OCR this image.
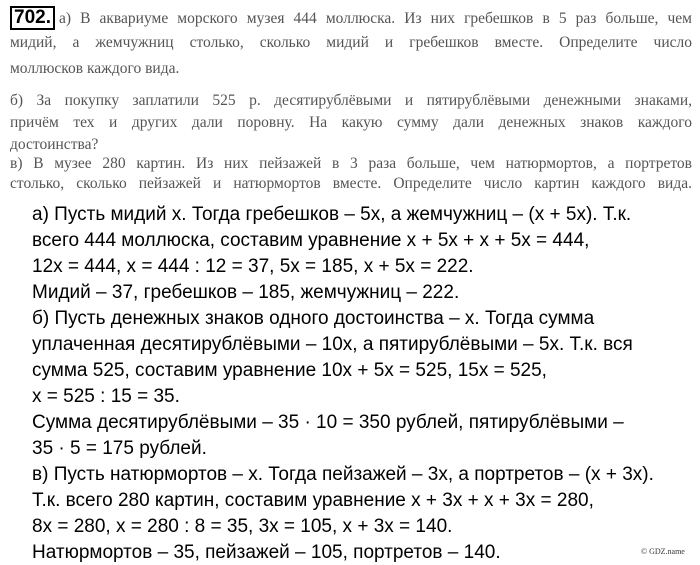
702. а) В аквариуме морского музея 444 моллюска. Из них гребешков в 5 раз больше, чем
мидий, а жемчужниц столько, сколько мидий и гребешков вместе. Определите число
моллюсков каждого вида.
б) За покупку заплатили 525 р. десятирублёвыми и пятирублёвыми денежными знаками,
причём тех и других дали поровну. На какую сумму дали денежных знаков каждого
достоинства?
в) В музее 280 картин. Из них пейзажей в 3 раза больше, чем натюрмортов, а портретов
столько, сколько пейзажей и натюрмортов вместе. Определите число картин каждого вида.
а) Пусть мидий x. Тогда гребешков – 5x, а жемчужниц – (x + 5x). Т.к.
всего 444 моллюска, составим уравнение x + 5x + x + 5x = 444,
12x = 444, x = 444 : 12 = 37, 5x = 185, x + 5x = 222.
Мидий – 37, гребешков – 185, жемчужниц – 222.
б) Пусть денежных знаков одного достоинства – x. Тогда сумма
уплаченная десятирублёвыми – 10x, а пятирублёвыми – 5x. Т.к. вся
сумма 525, составим уравнение 10x + 5x = 525, 15x = 525,
x = 525 : 15 = 35.
Сумма десятирублёвыми – 35 · 10 = 350 рублей, пятирублёвыми –
35 · 5 = 175 рублей.
в) Пусть натюрмортов – x. Тогда пейзажей – 3x, а портретов – (x + 3x).
Т.к. всего 280 картин, составим уравнение x + 3x + x + 3x = 280,
8x = 280, x = 280 : 8 = 35, 3x = 105, x + 3x = 140.
Натюрмортов – 35, пейзажей – 105, портретов – 140.	© GDZ.name
